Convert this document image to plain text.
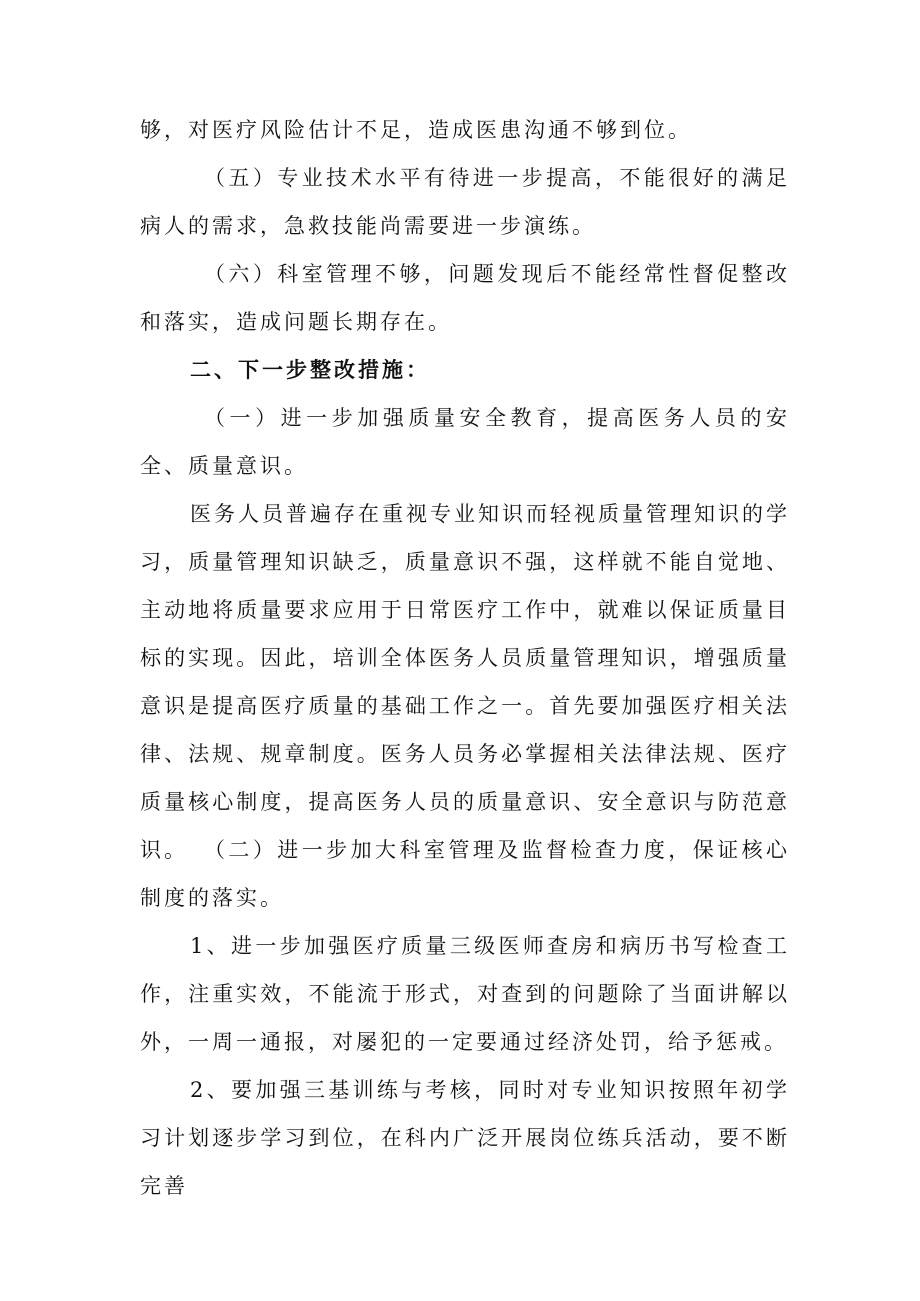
够，对医疗风险估计不足，造成医患沟通不够到位。
（五）专业技术水平有待进一步提高，不能很好的满足病人的需求，急救技能尚需要进一步演练。
（六）科室管理不够，问题发现后不能经常性督促整改和落实，造成问题长期存在。
二、下一步整改措施：
（一）进一步加强质量安全教育，提高医务人员的安全、质量意识。
医务人员普遍存在重视专业知识而轻视质量管理知识的学习，质量管理知识缺乏，质量意识不强，这样就不能自觉地、主动地将质量要求应用于日常医疗工作中，就难以保证质量目标的实现。因此，培训全体医务人员质量管理知识，增强质量意识是提高医疗质量的基础工作之一。首先要加强医疗相关法律、法规、规章制度。医务人员务必掌握相关法律法规、医疗质量核心制度，提高医务人员的质量意识、安全意识与防范意识。 （二）进一步加大科室管理及监督检查力度，保证核心制度的落实。
1、进一步加强医疗质量三级医师查房和病历书写检查工作，注重实效，不能流于形式，对查到的问题除了当面讲解以外，一周一通报，对屡犯的一定要通过经济处罚，给予惩戒。
2、要加强三基训练与考核，同时对专业知识按照年初学习计划逐步学习到位，在科内广泛开展岗位练兵活动，要不断完善
